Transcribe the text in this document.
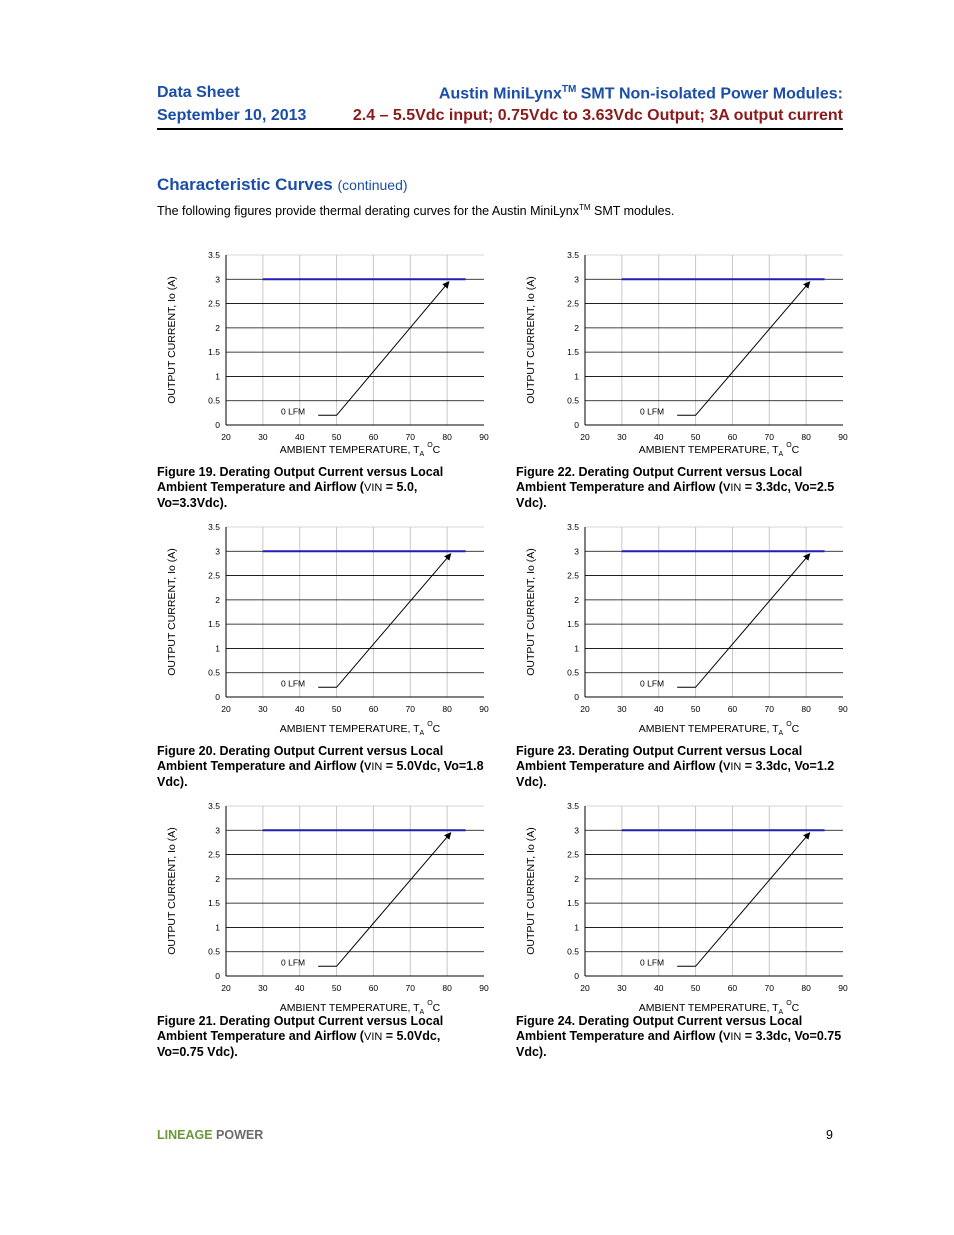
Data Sheet
September 10, 2013
Austin MiniLynx™ SMT Non-isolated Power Modules:
2.4 – 5.5Vdc input; 0.75Vdc to 3.63Vdc Output; 3A output current
Characteristic Curves (continued)
The following figures provide thermal derating curves for the Austin MiniLynx™ SMT modules.
0
0.5
1
1.5
2
2.5
3
3.5
20	30	40	50	60	70	80	90
OUTPUT CURRENT, Io (A)
AMBIENT TEMPERATURE, $T_A^OC$
0 LFM
0
0.5
1
1.5
2
2.5
3
3.5
20	30	40	50	60	70	80	90
OUTPUT CURRENT, Io (A)
AMBIENT TEMPERATURE, $T_A^OC$
0 LFM
0
0.5
1
1.5
2
2.5
3
3.5
20	30	40	50	60	70	80	90
OUTPUT CURRENT, Io (A)
AMBIENT TEMPERATURE, $T_A^OC$
0 LFM
0
0.5
1
1.5
2
2.5
3
3.5
20	30	40	50	60	70	80	90
OUTPUT CURRENT, Io (A)
AMBIENT TEMPERATURE, $T_A^OC$
0 LFM
0
0.5
1
1.5
2
2.5
3
3.5
20	30	40	50	60	70	80	90
OUTPUT CURRENT, Io (A)
AMBIENT TEMPERATURE, $T_A^OC$
0 LFM
0
0.5
1
1.5
2
2.5
3
3.5
20	30	40	50	60	70	80	90
OUTPUT CURRENT, Io (A)
AMBIENT TEMPERATURE, $T_A^OC$
0 LFM
Figure 19. Derating Output Current versus Local Ambient Temperature and Airflow (VIN = 5.0, Vo=3.3Vdc).
Figure 22. Derating Output Current versus Local Ambient Temperature and Airflow (VIN = 3.3dc, Vo=2.5 Vdc).
Figure 20. Derating Output Current versus Local Ambient Temperature and Airflow (VIN = 5.0Vdc, Vo=1.8 Vdc).
Figure 23. Derating Output Current versus Local Ambient Temperature and Airflow (VIN = 3.3dc, Vo=1.2 Vdc).
Figure 21. Derating Output Current versus Local Ambient Temperature and Airflow (VIN = 5.0Vdc, Vo=0.75 Vdc).
Figure 24. Derating Output Current versus Local Ambient Temperature and Airflow (VIN = 3.3dc, Vo=0.75 Vdc).
LINEAGE POWER	9
